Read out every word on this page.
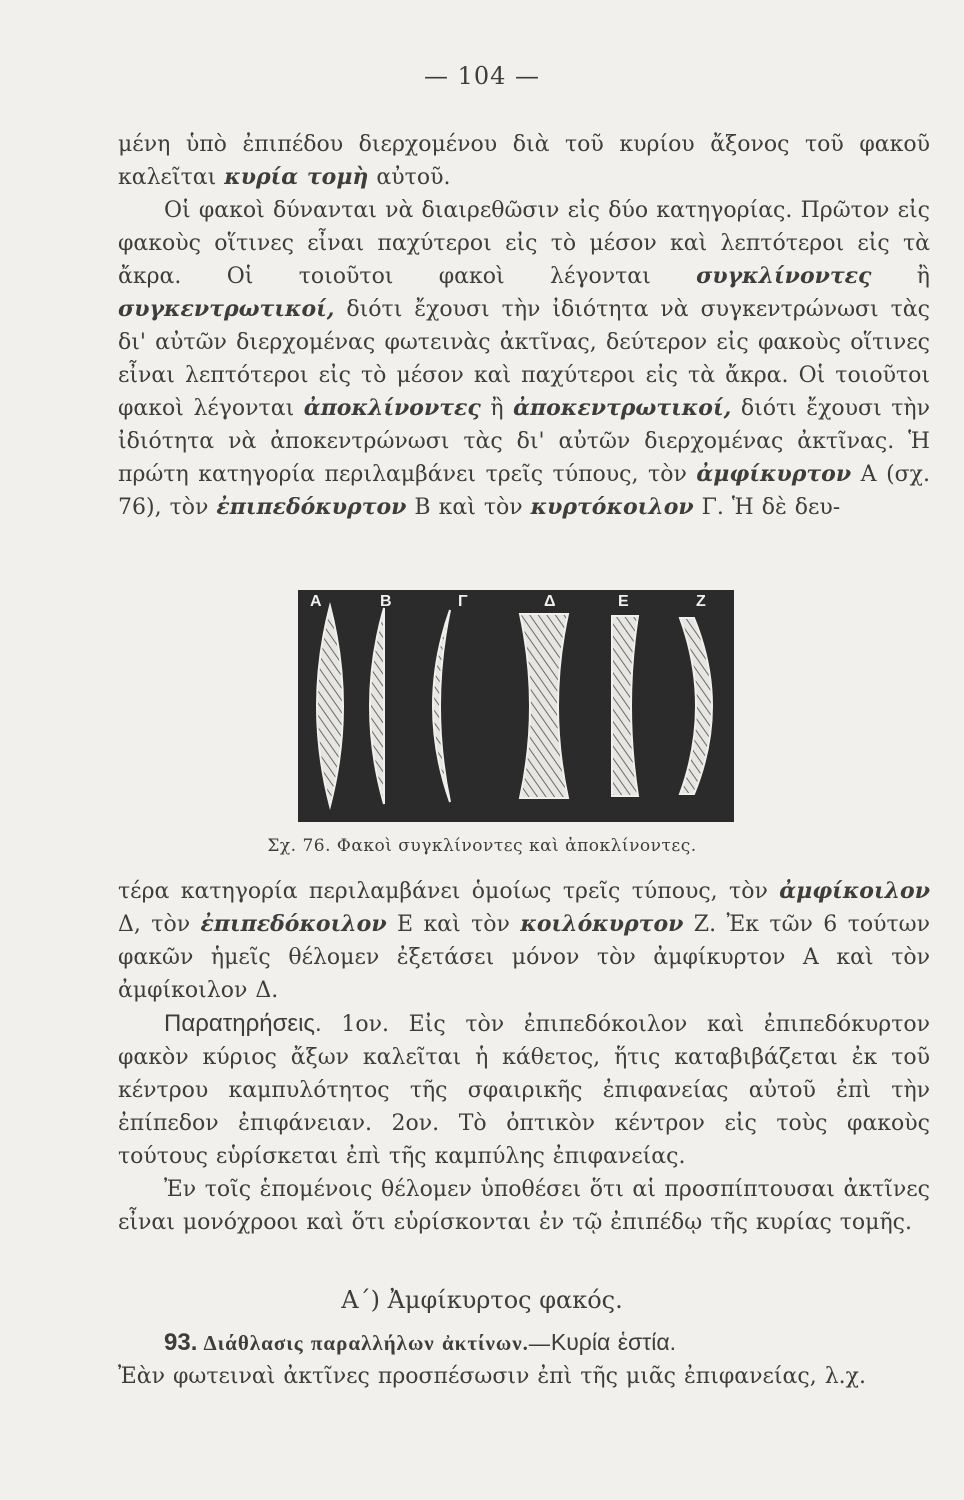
— 104 —

μένη ὑπὸ ἐπιπέδου διερχομένου διὰ τοῦ κυρίου ἄξονος τοῦ φακοῦ καλεῖται κυρία τομὴ αὐτοῦ.

Οἱ φακοὶ δύνανται νὰ διαιρεθῶσιν εἰς δύο κατηγορίας. Πρῶτον εἰς φακοὺς οἵτινες εἶναι παχύτεροι εἰς τὸ μέσον καὶ λεπτότεροι εἰς τὰ ἄκρα. Οἱ τοιοῦτοι φακοὶ λέγονται συγκλίνοντες ἢ συγκεντρωτικοί, διότι ἔχουσι τὴν ἰδιότητα νὰ συγκεντρώνωσι τὰς δι' αὐτῶν διερχομένας φωτεινὰς ἀκτῖνας, δεύτερον εἰς φακοὺς οἵτινες εἶναι λεπτότεροι εἰς τὸ μέσον καὶ παχύτεροι εἰς τὰ ἄκρα. Οἱ τοιοῦτοι φακοὶ λέγονται ἀποκλίνοντες ἢ ἀποκεντρωτικοί, διότι ἔχουσι τὴν ἰδιότητα νὰ ἀποκεντρώνωσι τὰς δι' αὐτῶν διερχομένας ἀκτῖνας. Ἡ πρώτη κατηγορία περιλαμβάνει τρεῖς τύπους, τὸν ἀμφίκυρτον Α (σχ. 76), τὸν ἐπιπεδόκυρτον Β καὶ τὸν κυρτόκοιλον Γ. Ἡ δὲ δευ-

Α	Β	Γ	Δ	Ε	Ζ
Σχ. 76. Φακοὶ συγκλίνοντες καὶ ἀποκλίνοντες.

τέρα κατηγορία περιλαμβάνει ὁμοίως τρεῖς τύπους, τὸν ἀμφίκοιλον Δ, τὸν ἐπιπεδόκοιλον Ε καὶ τὸν κοιλόκυρτον Ζ. Ἐκ τῶν 6 τούτων φακῶν ἡμεῖς θέλομεν ἐξετάσει μόνον τὸν ἀμφίκυρτον Α καὶ τὸν ἀμφίκοιλον Δ.

Παρατηρήσεις. 1ον. Εἰς τὸν ἐπιπεδόκοιλον καὶ ἐπιπεδόκυρτον φακὸν κύριος ἄξων καλεῖται ἡ κάθετος, ἥτις καταβιβάζεται ἐκ τοῦ κέντρου καμπυλότητος τῆς σφαιρικῆς ἐπιφανείας αὐτοῦ ἐπὶ τὴν ἐπίπεδον ἐπιφάνειαν. 2ον. Τὸ ὀπτικὸν κέντρον εἰς τοὺς φακοὺς τούτους εὑρίσκεται ἐπὶ τῆς καμπύλης ἐπιφανείας.

Ἐν τοῖς ἑπομένοις θέλομεν ὑποθέσει ὅτι αἱ προσπίπτουσαι ἀκτῖνες εἶναι μονόχροοι καὶ ὅτι εὑρίσκονται ἐν τῷ ἐπιπέδῳ τῆς κυρίας τομῆς.

Α΄) Ἀμφίκυρτος φακός.

93. Διάθλασις παραλλήλων ἀκτίνων.—Κυρία ἑστία.

Ἐὰν φωτειναὶ ἀκτῖνες προσπέσωσιν ἐπὶ τῆς μιᾶς ἐπιφανείας, λ.χ.
